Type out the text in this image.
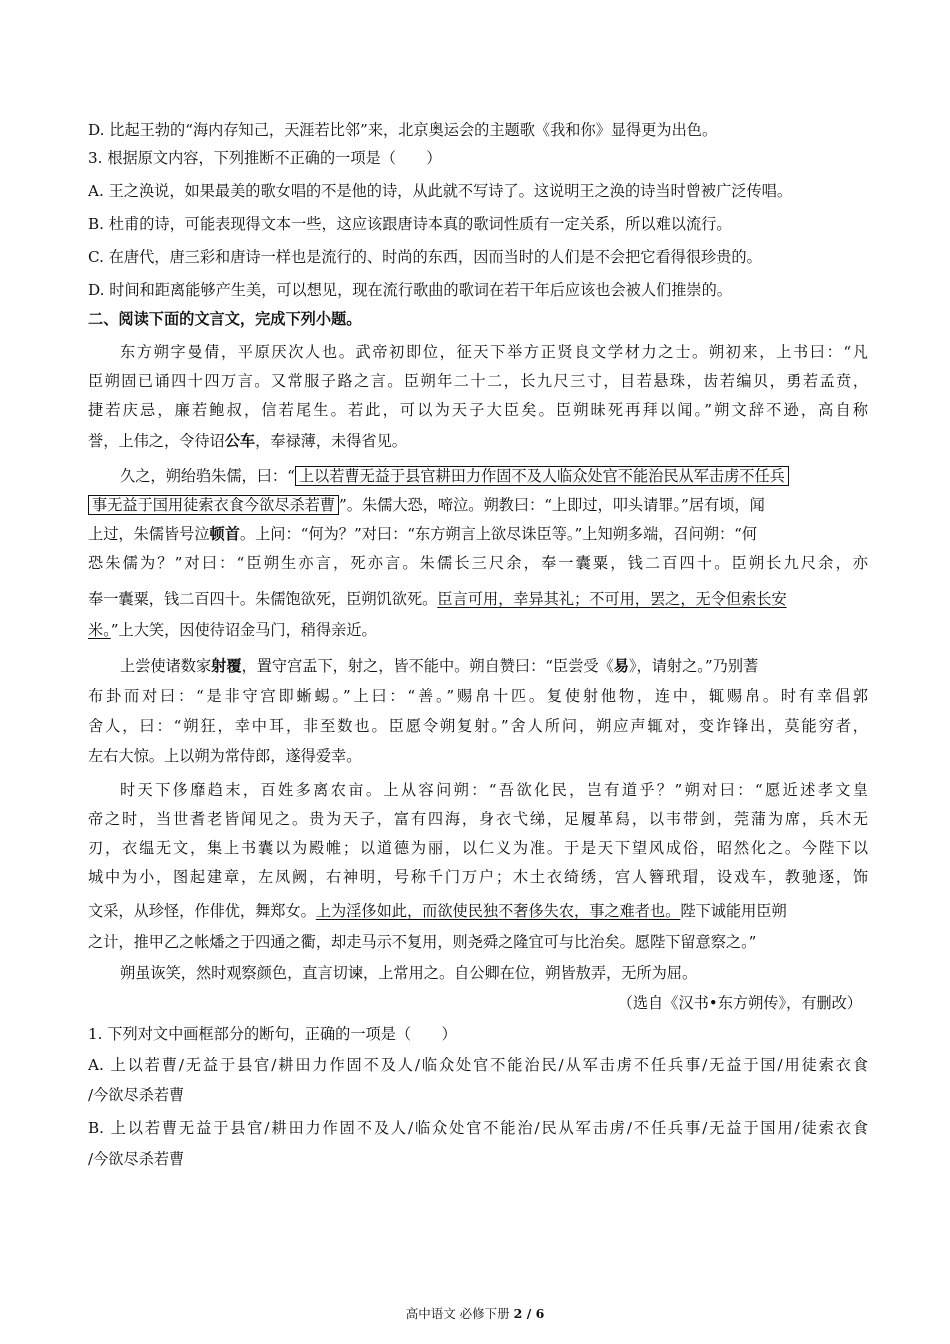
D. 比起王勃的“海内存知己，天涯若比邻”来，北京奥运会的主题歌《我和你》显得更为出色。
3. 根据原文内容，下列推断不正确的一项是（　　）
A. 王之涣说，如果最美的歌女唱的不是他的诗，从此就不写诗了。这说明王之涣的诗当时曾被广泛传唱。
B. 杜甫的诗，可能表现得文本一些，这应该跟唐诗本真的歌词性质有一定关系，所以难以流行。
C. 在唐代，唐三彩和唐诗一样也是流行的、时尚的东西，因而当时的人们是不会把它看得很珍贵的。
D. 时间和距离能够产生美，可以想见，现在流行歌曲的歌词在若干年后应该也会被人们推崇的。
二、阅读下面的文言文，完成下列小题。
东方朔字曼倩，平原厌次人也。武帝初即位，征天下举方正贤良文学材力之士。朔初来，上书曰：“凡
臣朔固已诵四十四万言。又常服子路之言。臣朔年二十二，长九尺三寸，目若悬珠，齿若编贝，勇若孟贲，
捷若庆忌，廉若鲍叔，信若尾生。若此，可以为天子大臣矣。臣朔昧死再拜以闻。”朔文辞不逊，高自称
誉，上伟之，令待诏公车，奉禄薄，未得省见。
久之，朔绐驺朱儒，曰：“ 上以若曹无益于县官耕田力作固不及人临众处官不能治民从军击虏不任兵
事无益于国用徒索衣食今欲尽杀若曹 ”。朱儒大恐，啼泣。朔教曰：“上即过，叩头请罪。”居有顷，闻
上过，朱儒皆号泣顿首。上问：“何为？”对曰：“东方朔言上欲尽诛臣等。”上知朔多端，召问朔：“何
恐朱儒为？”对曰：“臣朔生亦言，死亦言。朱儒长三尺余，奉一囊粟，钱二百四十。臣朔长九尺余，亦
奉一囊粟，钱二百四十。朱儒饱欲死，臣朔饥欲死。臣言可用，幸异其礼；不可用，罢之，无令但索长安
米。”上大笑，因使待诏金马门，稍得亲近。
上尝使诸数家射覆，置守宫盂下，射之，皆不能中。朔自赞曰：“臣尝受《易》，请射之。”乃别蓍
布卦而对曰：“是非守宫即蜥蜴。”上曰：“善。”赐帛十匹。复使射他物，连中，辄赐帛。时有幸倡郭
舍人，曰：“朔狂，幸中耳，非至数也。臣愿令朔复射。”舍人所问，朔应声辄对，变诈锋出，莫能穷者，
左右大惊。上以朔为常侍郎，遂得爱幸。
时天下侈靡趋末，百姓多离农亩。上从容问朔：“吾欲化民，岂有道乎？”朔对曰：“愿近述孝文皇
帝之时，当世耆老皆闻见之。贵为天子，富有四海，身衣弋绨，足履革舄，以韦带剑，莞蒲为席，兵木无
刃，衣缊无文，集上书囊以为殿帷；以道德为丽，以仁义为准。于是天下望风成俗，昭然化之。今陛下以
城中为小，图起建章，左凤阙，右神明，号称千门万户；木土衣绮绣，宫人簪玳瑁，设戏车，教驰逐，饰
文采，从珍怪，作俳优，舞郑女。上为淫侈如此，而欲使民独不奢侈失农，事之难者也。陛下诚能用臣朔
之计，推甲乙之帐燔之于四通之衢，却走马示不复用，则尧舜之隆宜可与比治矣。愿陛下留意察之。”
朔虽诙笑，然时观察颜色，直言切谏，上常用之。自公卿在位，朔皆敖弄，无所为屈。
（选自《汉书•东方朔传》，有删改）
1. 下列对文中画框部分的断句，正确的一项是（　　）
A. 上以若曹/无益于县官/耕田力作固不及人/临众处官不能治民/从军击虏不任兵事/无益于国/用徒索衣食
/今欲尽杀若曹
B. 上以若曹无益于县官/耕田力作固不及人/临众处官不能治/民从军击虏/不任兵事/无益于国用/徒索衣食
/今欲尽杀若曹
高中语文 必修下册 2 / 6
